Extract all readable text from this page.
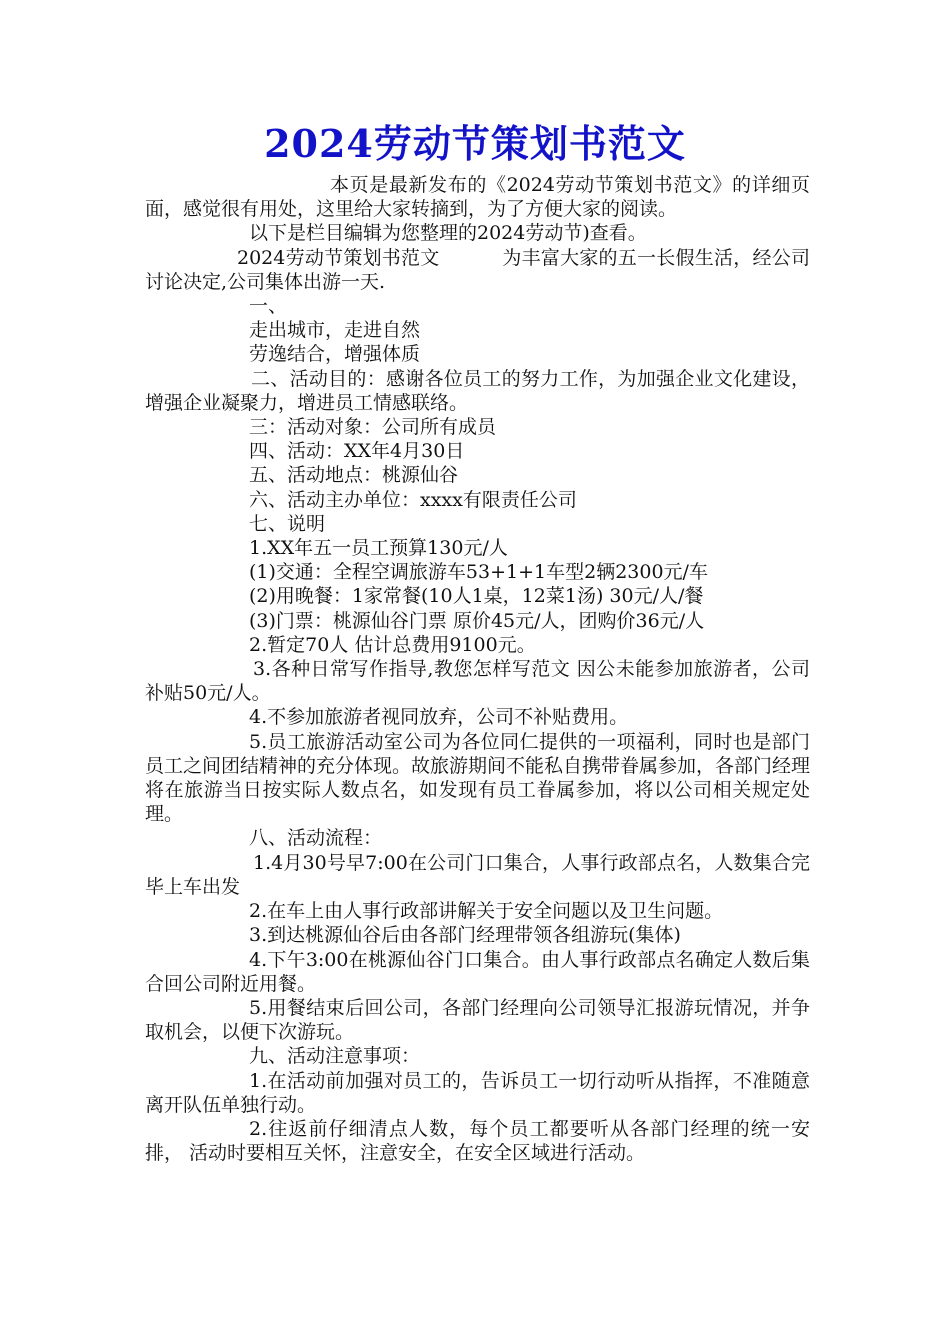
2024劳动节策划书范文

本页是最新发布的《2024劳动节策划书范文》的详细页面，感觉很有用处，这里给大家转摘到，为了方便大家的阅读。

以下是栏目编辑为您整理的2024劳动节)查看。

2024劳动节策划书范文          为丰富大家的五一长假生活，经公司讨论决定,公司集体出游一天.

一、

走出城市，走进自然

劳逸结合，增强体质

二、活动目的：感谢各位员工的努力工作，为加强企业文化建设，增强企业凝聚力，增进员工情感联络。

三：活动对象：公司所有成员

四、活动：XX年4月30日

五、活动地点：桃源仙谷

六、活动主办单位：xxxx有限责任公司

七、说明

1.XX年五一员工预算130元/人

(1)交通：全程空调旅游车53+1+1车型2辆2300元/车

(2)用晚餐：1家常餐(10人1桌，12菜1汤) 30元/人/餐

(3)门票：桃源仙谷门票 原价45元/人，团购价36元/人

2.暂定70人 估计总费用9100元。

3.各种日常写作指导,教您怎样写范文 因公未能参加旅游者，公司补贴50元/人。

4.不参加旅游者视同放弃，公司不补贴费用。

5.员工旅游活动室公司为各位同仁提供的一项福利，同时也是部门员工之间团结精神的充分体现。故旅游期间不能私自携带眷属参加，各部门经理将在旅游当日按实际人数点名，如发现有员工眷属参加，将以公司相关规定处理。

八、活动流程：

1.4月30号早7:00在公司门口集合，人事行政部点名，人数集合完毕上车出发

2.在车上由人事行政部讲解关于安全问题以及卫生问题。

3.到达桃源仙谷后由各部门经理带领各组游玩(集体)

4.下午3:00在桃源仙谷门口集合。由人事行政部点名确定人数后集合回公司附近用餐。

5.用餐结束后回公司，各部门经理向公司领导汇报游玩情况，并争取机会，以便下次游玩。

九、活动注意事项：

1.在活动前加强对员工的，告诉员工一切行动听从指挥，不准随意离开队伍单独行动。

2.往返前仔细清点人数，每个员工都要听从各部门经理的统一安排， 活动时要相互关怀，注意安全，在安全区域进行活动。
